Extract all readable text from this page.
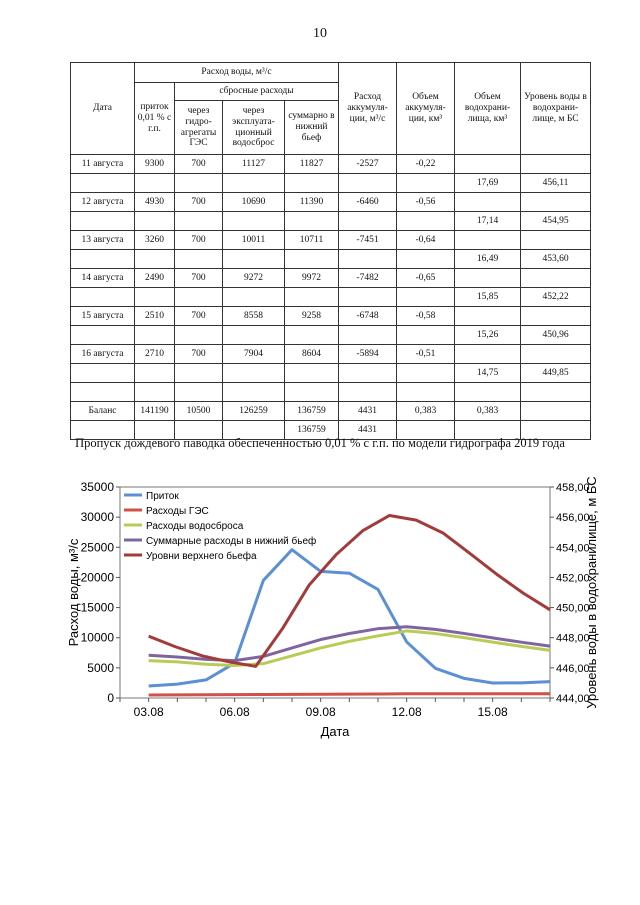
10
Дата	Расход воды, м³/с				Расход аккумуля-ции, м³/с	Объем аккумуля-ции, км³	Объем водохрани-лища, км³	Уровень воды в водохрани-лище, м БС
	приток 0,01 % с г.п.	сбросные расходы						
		через гидро-агрегаты ГЭС	через эксплуата-ционный водосброс	суммарно в нижний бьеф				
11 августа	9300	700	11127	11827	-2527	-0,22		
							17,69	456,11
12 августа	4930	700	10690	11390	-6460	-0,56		
							17,14	454,95
13 августа	3260	700	10011	10711	-7451	-0,64		
							16,49	453,60
14 августа	2490	700	9272	9972	-7482	-0,65		
							15,85	452,22
15 августа	2510	700	8558	9258	-6748	-0,58		
							15,26	450,96
16 августа	2710	700	7904	8604	-5894	-0,51		
							14,75	449,85

Баланс	141190	10500	126259	136759	4431	0,383	0,383	
				136759	4431			
Пропуск дождевого паводка обеспеченностью 0,01 % с г.п. по модели гидрографа 2019 года
0
5000
10000
15000
20000
25000
30000
35000
444,00
446,00
448,00
450,00
452,00
454,00
456,00
458,00
03.08	06.08	09.08	12.08	15.08
Дата
Расход воды, м³/с	Уровень воды в водохранилище, м БС
Приток
Расходы ГЭС
Расходы водосброса
Суммарные расходы в нижний бьеф
Уровни верхнего бьефа
